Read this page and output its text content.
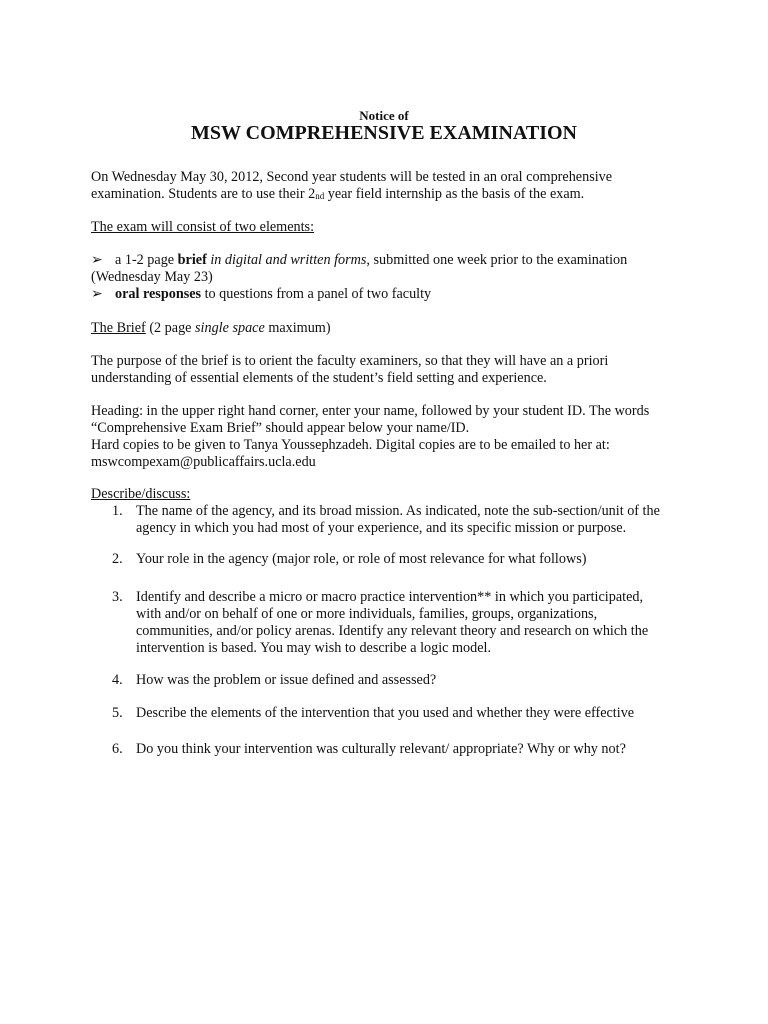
Notice of
MSW COMPREHENSIVE EXAMINATION
On Wednesday May 30, 2012, Second year students will be tested in an oral comprehensive
examination. Students are to use their $2_{nd}$ year field internship as the basis of the exam.
The exam will consist of two elements:
➢ a 1-2 page brief in digital and written forms, submitted one week prior to the examination
(Wednesday May 23)
➢ oral responses to questions from a panel of two faculty
The Brief (2 page single space maximum)
The purpose of the brief is to orient the faculty examiners, so that they will have an a priori
understanding of essential elements of the student’s field setting and experience.
Heading: in the upper right hand corner, enter your name, followed by your student ID. The words
“Comprehensive Exam Brief” should appear below your name/ID.
Hard copies to be given to Tanya Youssephzadeh. Digital copies are to be emailed to her at:
mswcompexam@publicaffairs.ucla.edu
Describe/discuss:
1. The name of the agency, and its broad mission. As indicated, note the sub-section/unit of the
agency in which you had most of your experience, and its specific mission or purpose.
2. Your role in the agency (major role, or role of most relevance for what follows)
3. Identify and describe a micro or macro practice intervention** in which you participated,
with and/or on behalf of one or more individuals, families, groups, organizations,
communities, and/or policy arenas. Identify any relevant theory and research on which the
intervention is based. You may wish to describe a logic model.
4. How was the problem or issue defined and assessed?
5. Describe the elements of the intervention that you used and whether they were effective
6. Do you think your intervention was culturally relevant/ appropriate? Why or why not?
